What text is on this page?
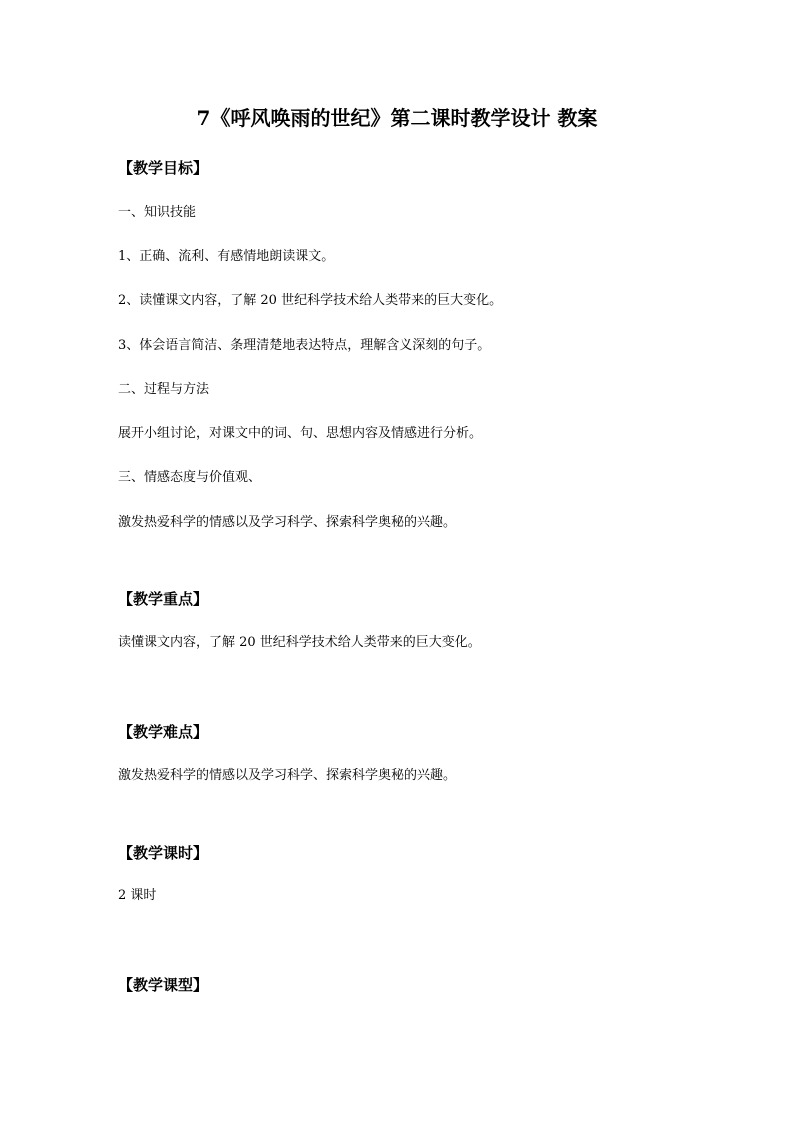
7《呼风唤雨的世纪》第二课时教学设计 教案
【教学目标】
一、知识技能
1、正确、流利、有感情地朗读课文。
2、读懂课文内容，了解 20 世纪科学技术给人类带来的巨大变化。
3、体会语言简洁、条理清楚地表达特点，理解含义深刻的句子。
二、过程与方法
展开小组讨论，对课文中的词、句、思想内容及情感进行分析。
三、情感态度与价值观、
激发热爱科学的情感以及学习科学、探索科学奥秘的兴趣。
【教学重点】
读懂课文内容，了解 20 世纪科学技术给人类带来的巨大变化。
【教学难点】
激发热爱科学的情感以及学习科学、探索科学奥秘的兴趣。
【教学课时】
2 课时
【教学课型】
